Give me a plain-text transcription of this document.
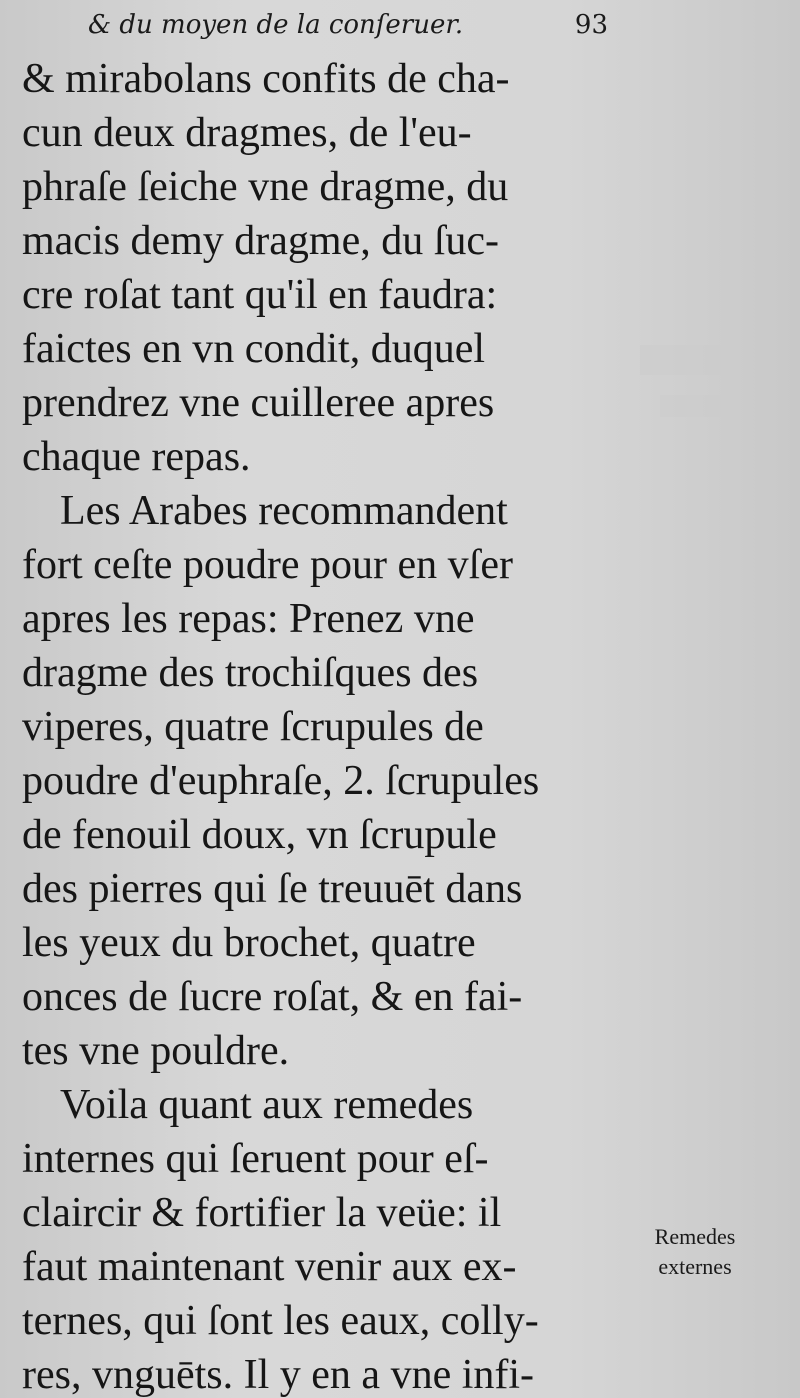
& du moyen de la conſeruer.	93
& mirabolans confits de cha-
cun deux dragmes, de l'eu-
phraſe ſeiche vne dragme, du
macis demy dragme, du ſuc-
cre roſat tant qu'il en faudra:
faictes en vn condit, duquel
prendrez vne cuilleree apres
chaque repas.
Les Arabes recommandent
fort ceſte poudre pour en vſer
apres les repas: Prenez vne
dragme des trochiſques des
viperes, quatre ſcrupules de
poudre d'euphraſe, 2. ſcrupules
de fenouil doux, vn ſcrupule
des pierres qui ſe treuuēt dans
les yeux du brochet, quatre
onces de ſucre roſat, & en fai-
tes vne pouldre.
Voila quant aux remedes
internes qui ſeruent pour eſ-
claircir & fortifier la veüe: il
faut maintenant venir aux ex-
ternes, qui ſont les eaux, colly-
res, vnguēts. Il y en a vne infi-
Remedes
externes
